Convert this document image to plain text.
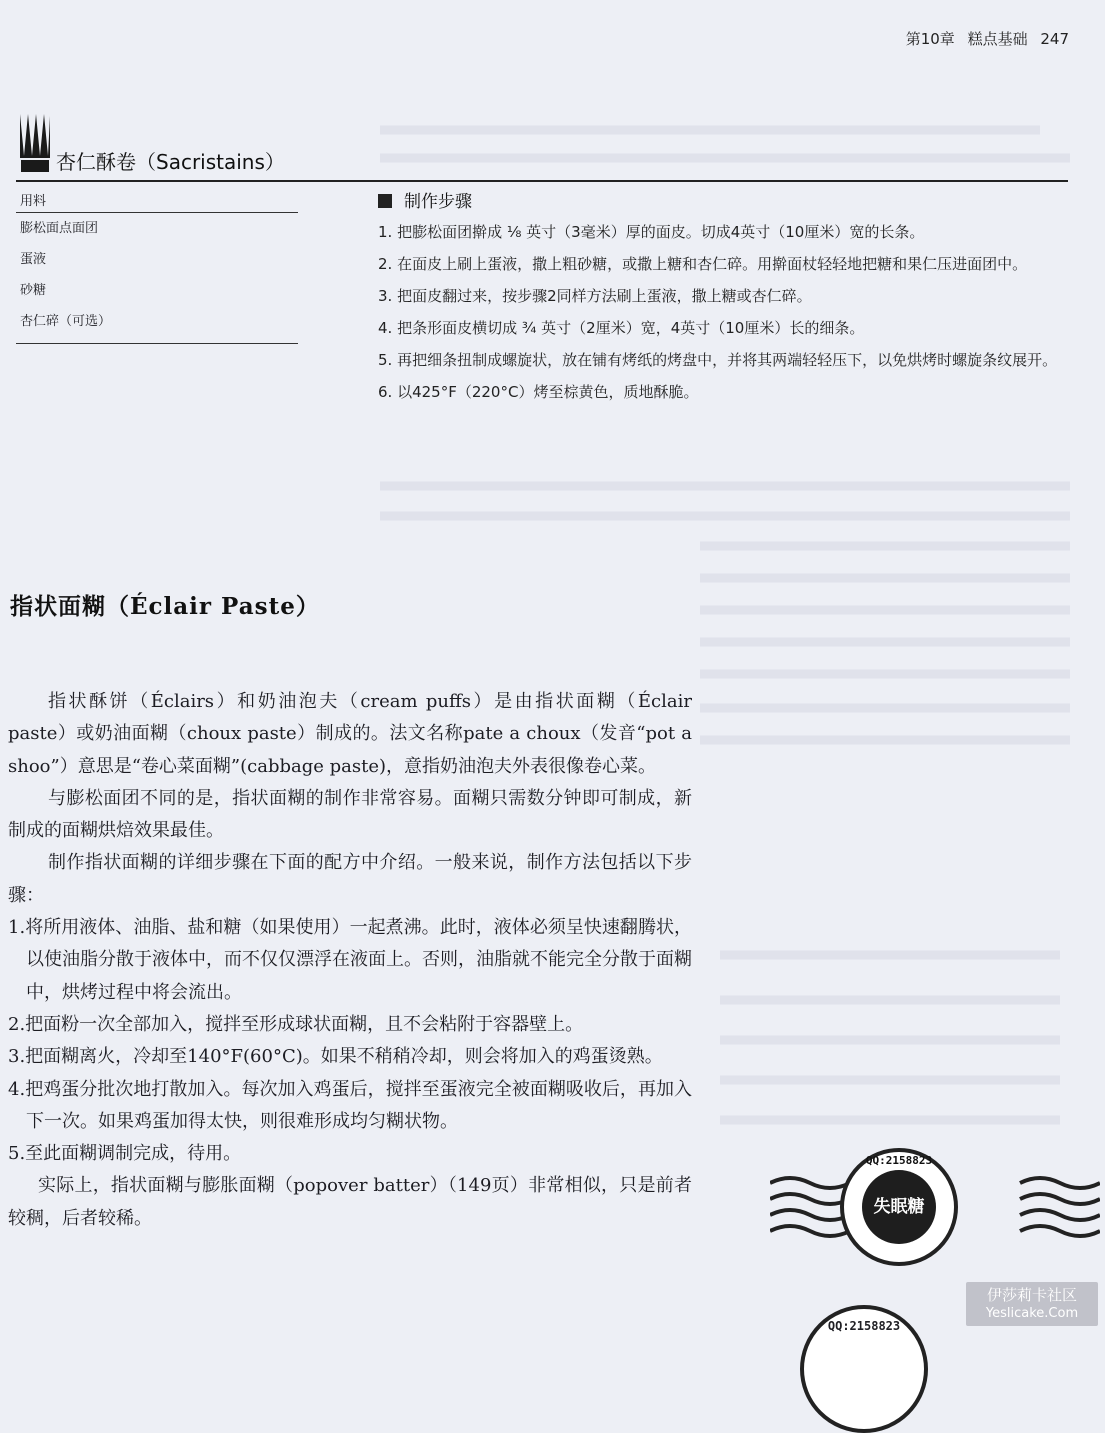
第10章 糕点基础 247
杏仁酥卷（Sacristains）
用料
膨松面点面团
蛋液
砂糖
杏仁碎（可选）
制作步骤
1. 把膨松面团擀成 ⅛ 英寸（3毫米）厚的面皮。切成4英寸（10厘米）宽的长条。
2. 在面皮上刷上蛋液，撒上粗砂糖，或撒上糖和杏仁碎。用擀面杖轻轻地把糖和果仁压进面团中。
3. 把面皮翻过来，按步骤2同样方法刷上蛋液，撒上糖或杏仁碎。
4. 把条形面皮横切成 ¾ 英寸（2厘米）宽，4英寸（10厘米）长的细条。
5. 再把细条扭制成螺旋状，放在铺有烤纸的烤盘中，并将其两端轻轻压下，以免烘烤时螺旋条纹展开。
6. 以425°F（220°C）烤至棕黄色，质地酥脆。
指状面糊（Éclair Paste）

指状酥饼（Éclairs）和奶油泡夫（cream puffs）是由指状面糊（Éclair paste）或奶油面糊（choux paste）制成的。法文名称pate a choux（发音“pot a shoo”）意思是“卷心菜面糊”(cabbage paste)，意指奶油泡夫外表很像卷心菜。

与膨松面团不同的是，指状面糊的制作非常容易。面糊只需数分钟即可制成，新制成的面糊烘焙效果最佳。

制作指状面糊的详细步骤在下面的配方中介绍。一般来说，制作方法包括以下步骤：

1.将所用液体、油脂、盐和糖（如果使用）一起煮沸。此时，液体必须呈快速翻腾状，以使油脂分散于液体中，而不仅仅漂浮在液面上。否则，油脂就不能完全分散于面糊中，烘烤过程中将会流出。
2.把面粉一次全部加入，搅拌至形成球状面糊，且不会粘附于容器壁上。
3.把面糊离火，冷却至140°F(60°C)。如果不稍稍冷却，则会将加入的鸡蛋烫熟。
4.把鸡蛋分批次地打散加入。每次加入鸡蛋后，搅拌至蛋液完全被面糊吸收后，再加入下一次。如果鸡蛋加得太快，则很难形成均匀糊状物。
5.至此面糊调制完成，待用。

实际上，指状面糊与膨胀面糊（popover batter）（149页）非常相似，只是前者较稠，后者较稀。

QQ:2158823
失眠糖
QQ:2158823
伊莎莉卡社区
Yeslicake.Com
